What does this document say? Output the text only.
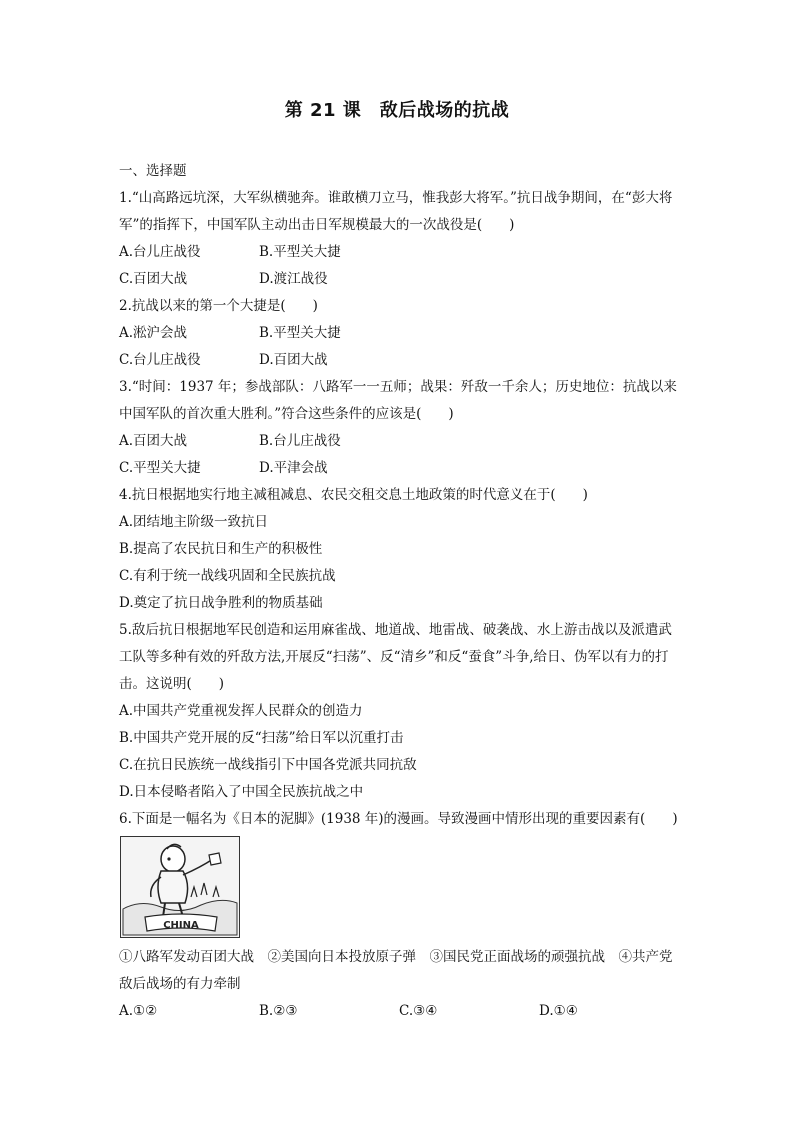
第 21 课　敌后战场的抗战
一、选择题
1.“山高路远坑深，大军纵横驰奔。谁敢横刀立马，惟我彭大将军。”抗日战争期间，在“彭大将军”的指挥下，中国军队主动出击日军规模最大的一次战役是(　　)
A.台儿庄战役	B.平型关大捷
C.百团大战	D.渡江战役
2.抗战以来的第一个大捷是(　　)
A.淞沪会战	B.平型关大捷
C.台儿庄战役	D.百团大战
3.“时间：1937 年；参战部队：八路军一一五师；战果：歼敌一千余人；历史地位：抗战以来中国军队的首次重大胜利。”符合这些条件的应该是(　　)
A.百团大战	B.台儿庄战役
C.平型关大捷	D.平津会战
4.抗日根据地实行地主减租减息、农民交租交息土地政策的时代意义在于(　　)
A.团结地主阶级一致抗日
B.提高了农民抗日和生产的积极性
C.有利于统一战线巩固和全民族抗战
D.奠定了抗日战争胜利的物质基础
5.敌后抗日根据地军民创造和运用麻雀战、地道战、地雷战、破袭战、水上游击战以及派遣武工队等多种有效的歼敌方法,开展反“扫荡”、反“清乡”和反“蚕食”斗争,给日、伪军以有力的打击。这说明(　　)
A.中国共产党重视发挥人民群众的创造力
B.中国共产党开展的反“扫荡”给日军以沉重打击
C.在抗日民族统一战线指引下中国各党派共同抗敌
D.日本侵略者陷入了中国全民族抗战之中
6.下面是一幅名为《日本的泥脚》(1938 年)的漫画。导致漫画中情形出现的重要因素有(　　)
CHINA
①八路军发动百团大战　②美国向日本投放原子弹　③国民党正面战场的顽强抗战　④共产党敌后战场的有力牵制
A.①②	B.②③	C.③④	D.①④
